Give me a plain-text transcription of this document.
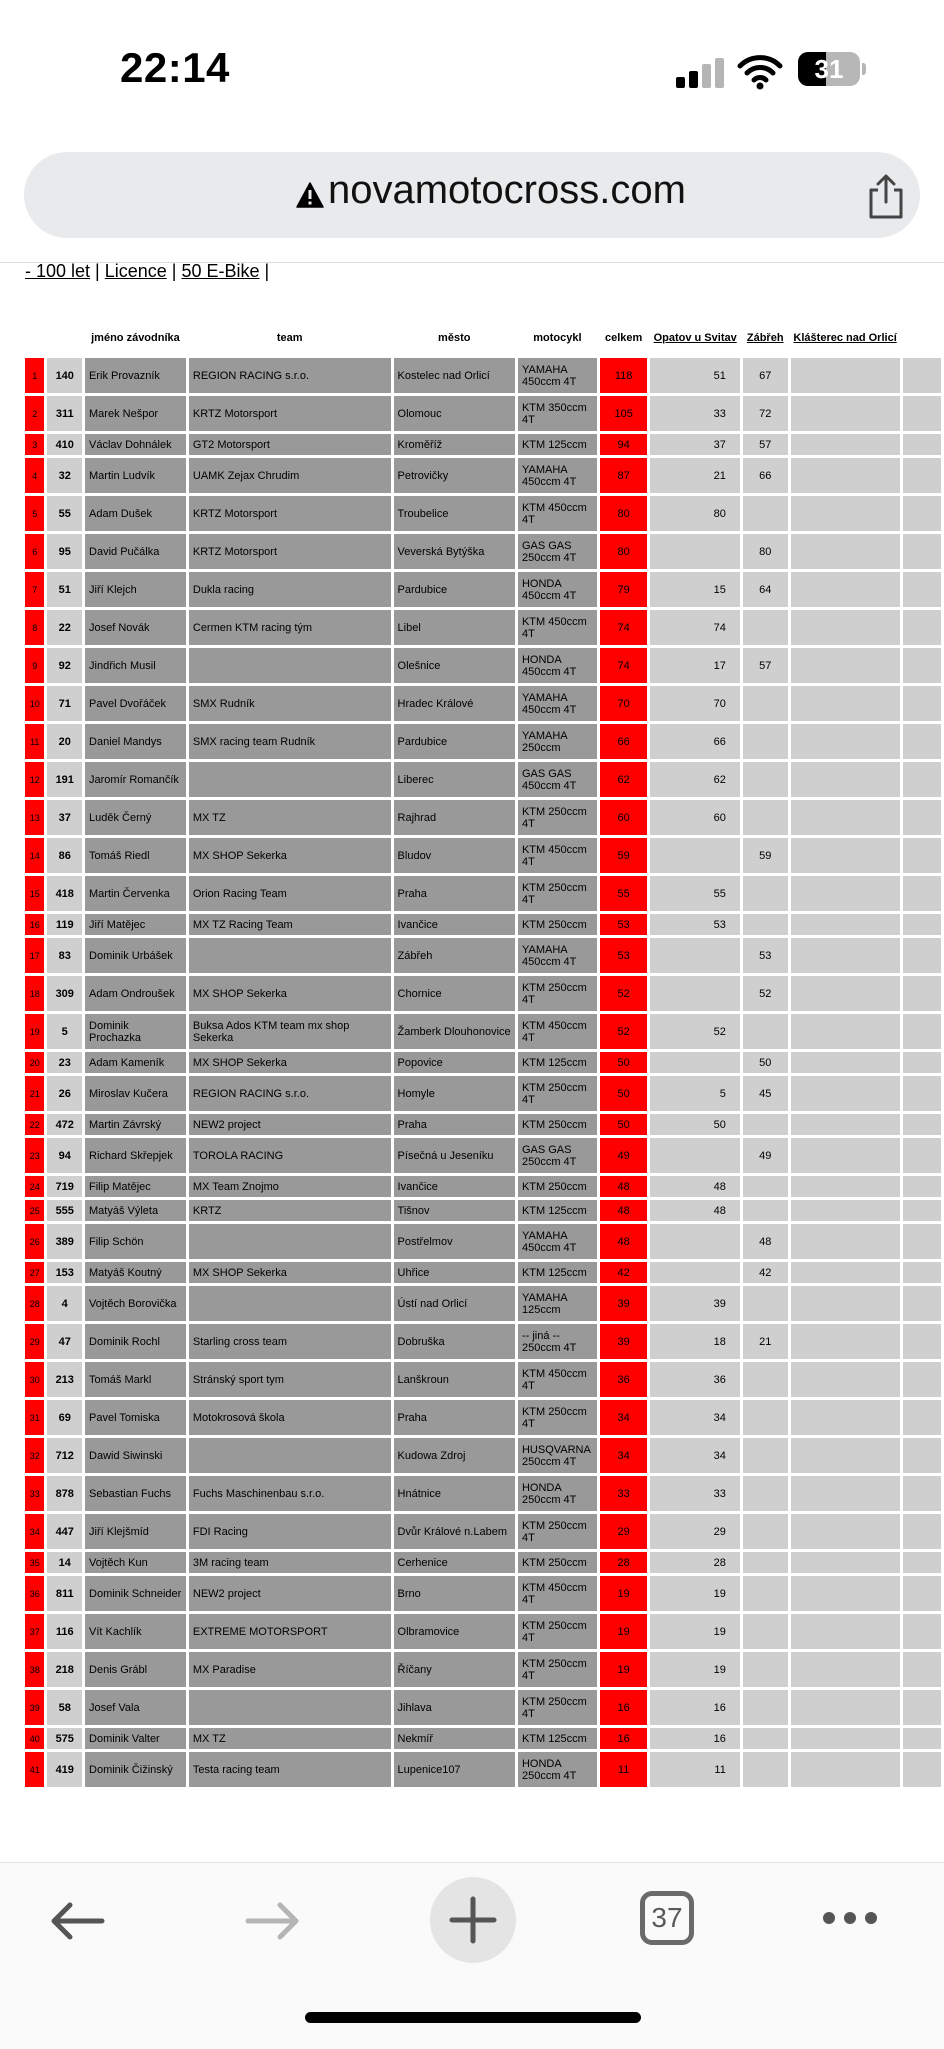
22:14	31
novamotocross.com
- 100 let | Licence | 50 E-Bike |
		jméno závodníka	team	město	motocykl	celkem	Opatov u Svitav	Zábřeh	Klášterec nad Orlicí	
1	140	Erik Provazník	REGION RACING s.r.o.	Kostelec nad Orlicí	YAMAHA 450ccm 4T	118	51	67		
2	311	Marek Nešpor	KRTZ Motorsport	Olomouc	KTM 350ccm 4T	105	33	72		
3	410	Václav Dohnálek	GT2 Motorsport	Kroměříž	KTM 125ccm	94	37	57		
4	32	Martin Ludvík	UAMK Zejax Chrudim	Petrovičky	YAMAHA 450ccm 4T	87	21	66		
5	55	Adam Dušek	KRTZ Motorsport	Troubelice	KTM 450ccm 4T	80	80			
6	95	David Pučálka	KRTZ Motorsport	Veverská Bytýška	GAS GAS 250ccm 4T	80		80		
7	51	Jiří Klejch	Dukla racing	Pardubice	HONDA 450ccm 4T	79	15	64		
8	22	Josef Novák	Cermen KTM racing tým	Libel	KTM 450ccm 4T	74	74			
9	92	Jindřich Musil		Olešnice	HONDA 450ccm 4T	74	17	57		
10	71	Pavel Dvořáček	SMX Rudník	Hradec Králové	YAMAHA 450ccm 4T	70	70			
11	20	Daniel Mandys	SMX racing team Rudník	Pardubice	YAMAHA 250ccm	66	66			
12	191	Jaromír Romančík		Liberec	GAS GAS 450ccm 4T	62	62			
13	37	Luděk Černý	MX TZ	Rajhrad	KTM 250ccm 4T	60	60			
14	86	Tomáš Riedl	MX SHOP Sekerka	Bludov	KTM 450ccm 4T	59		59		
15	418	Martin Červenka	Orion Racing Team	Praha	KTM 250ccm 4T	55	55			
16	119	Jiří Matějec	MX TZ Racing Team	Ivančice	KTM 250ccm	53	53			
17	83	Dominik Urbášek		Zábřeh	YAMAHA 450ccm 4T	53		53		
18	309	Adam Ondroušek	MX SHOP Sekerka	Chornice	KTM 250ccm 4T	52		52		
19	5	Dominik Prochazka	Buksa Ados KTM team mx shop Sekerka	Žamberk Dlouhonovice	KTM 450ccm 4T	52	52			
20	23	Adam Kameník	MX SHOP Sekerka	Popovice	KTM 125ccm	50		50		
21	26	Miroslav Kučera	REGION RACING s.r.o.	Homyle	KTM 250ccm 4T	50	5	45		
22	472	Martin Závrský	NEW2 project	Praha	KTM 250ccm	50	50			
23	94	Richard Skřepjek	TOROLA RACING	Písečná u Jeseníku	GAS GAS 250ccm 4T	49		49		
24	719	Filip Matějec	MX Team Znojmo	Ivančice	KTM 250ccm	48	48			
25	555	Matyáš Výleta	KRTZ	Tišnov	KTM 125ccm	48	48			
26	389	Filip Schön		Postřelmov	YAMAHA 450ccm 4T	48		48		
27	153	Matyáš Koutný	MX SHOP Sekerka	Uhřice	KTM 125ccm	42		42		
28	4	Vojtěch Borovička		Ústí nad Orlicí	YAMAHA 125ccm	39	39			
29	47	Dominik Rochl	Starling cross team	Dobruška	-- jiná -- 250ccm 4T	39	18	21		
30	213	Tomáš Markl	Stránský sport tym	Lanškroun	KTM 450ccm 4T	36	36			
31	69	Pavel Tomiska	Motokrosová škola	Praha	KTM 250ccm 4T	34	34			
32	712	Dawid Siwinski		Kudowa Zdroj	HUSQVARNA 250ccm 4T	34	34			
33	878	Sebastian Fuchs	Fuchs Maschinenbau s.r.o.	Hnátnice	HONDA 250ccm 4T	33	33			
34	447	Jiří Klejšmíd	FDI Racing	Dvůr Králové n.Labem	KTM 250ccm 4T	29	29			
35	14	Vojtěch Kun	3M racing team	Cerhenice	KTM 250ccm	28	28			
36	811	Dominik Schneider	NEW2 project	Brno	KTM 450ccm 4T	19	19			
37	116	Vít Kachlík	EXTREME MOTORSPORT	Olbramovice	KTM 250ccm 4T	19	19			
38	218	Denis Grábl	MX Paradise	Říčany	KTM 250ccm 4T	19	19			
39	58	Josef Vala		Jihlava	KTM 250ccm 4T	16	16			
40	575	Dominik Valter	MX TZ	Nekmíř	KTM 125ccm	16	16			
41	419	Dominik Čižinský	Testa racing team	Lupenice107	HONDA 250ccm 4T	11	11			
37
